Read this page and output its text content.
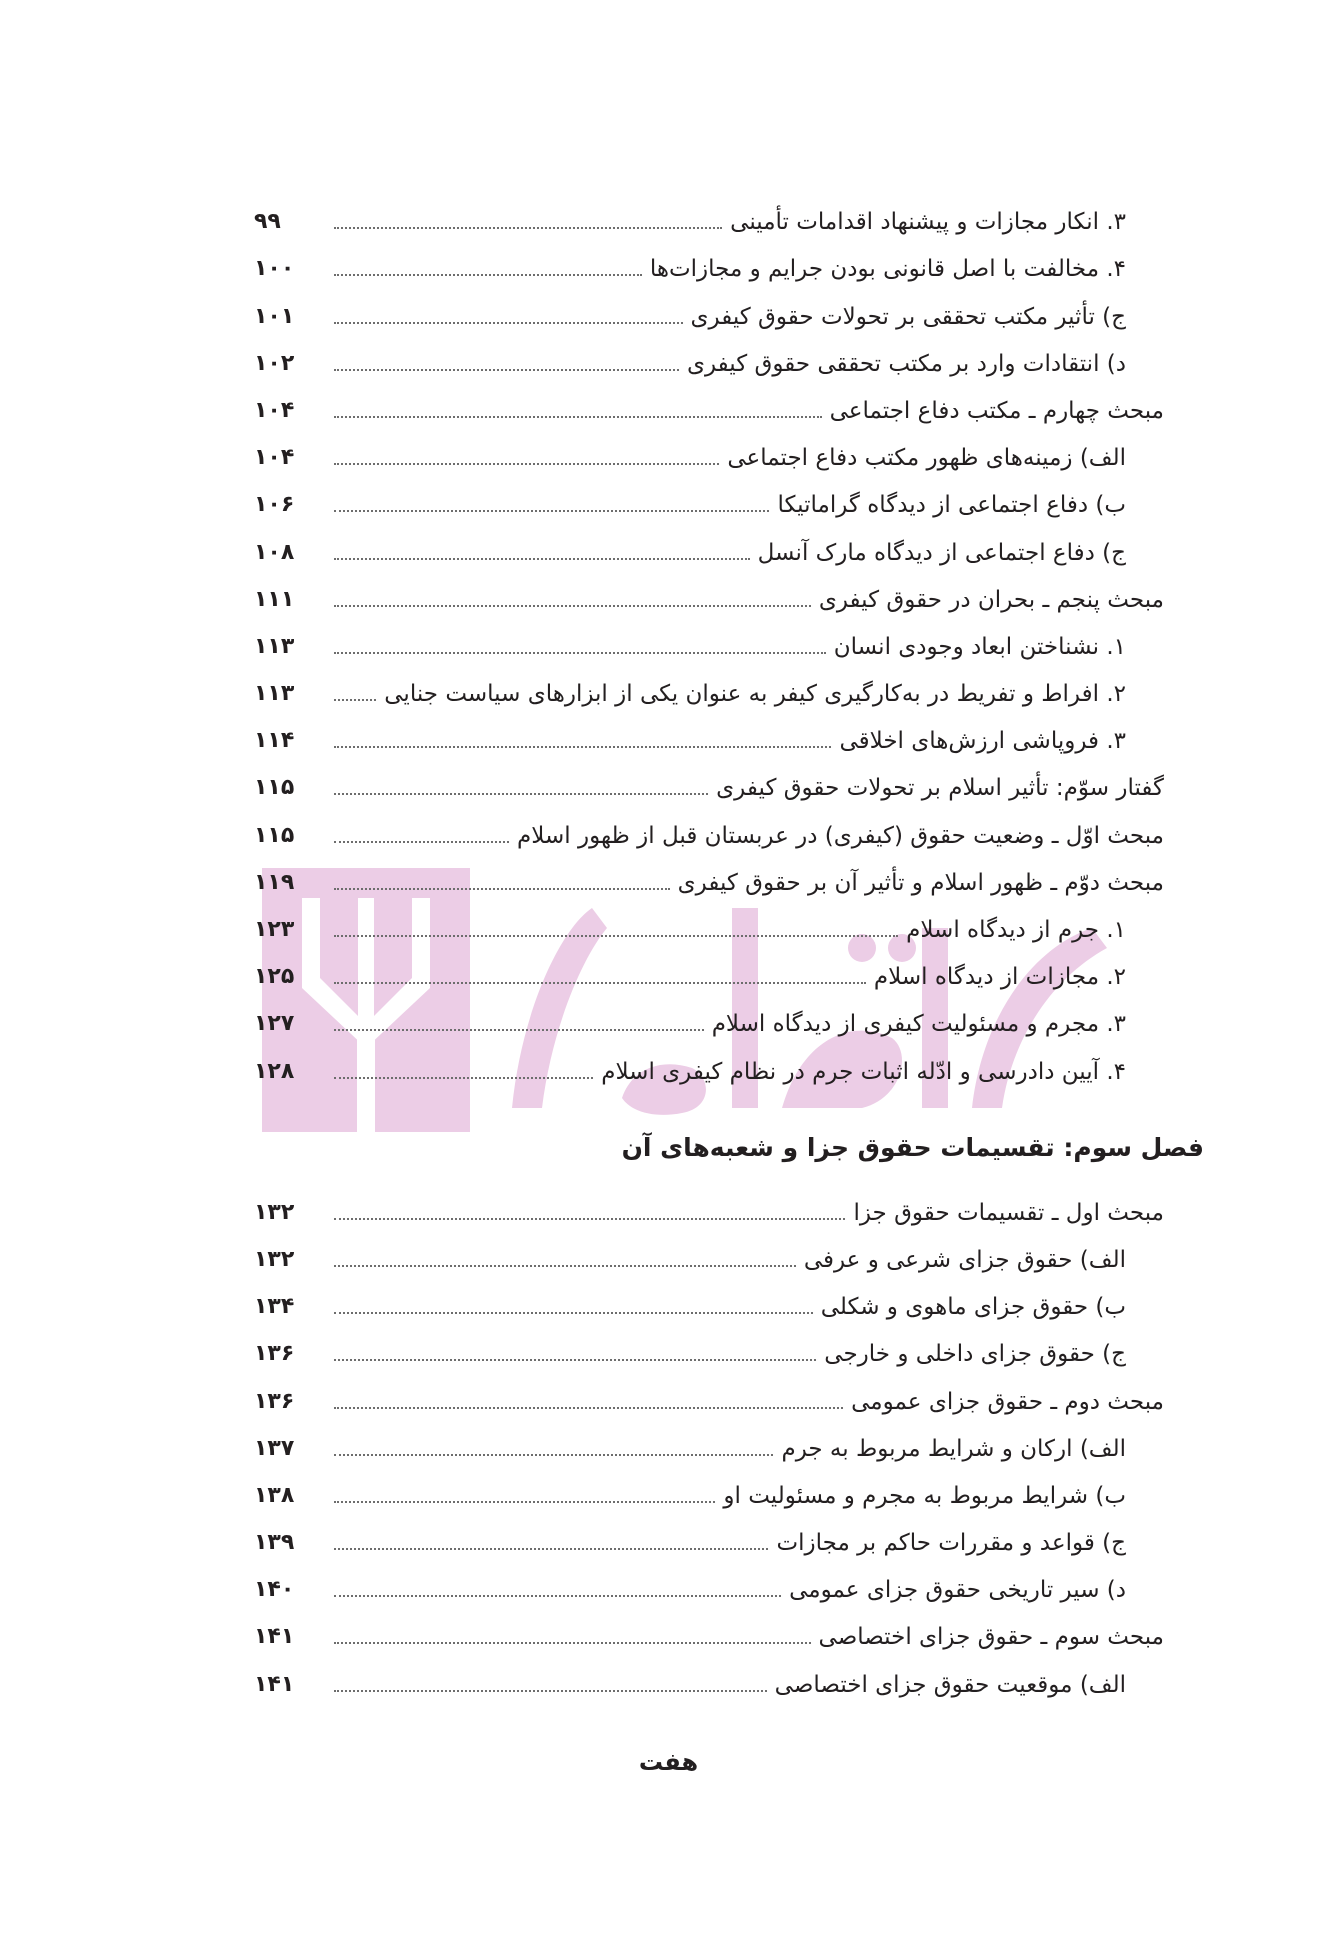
۳. انکار مجازات و پیشنهاد اقدامات تأمینی
۹۹
۴. مخالفت با اصل قانونی بودن جرایم و مجازات‌ها
۱۰۰
ج) تأثیر مکتب تحققی بر تحولات حقوق کیفری
۱۰۱
د) انتقادات وارد بر مکتب تحققی حقوق کیفری
۱۰۲
مبحث چهارم ـ مکتب دفاع اجتماعی
۱۰۴
الف) زمینه‌های ظهور مکتب دفاع اجتماعی
۱۰۴
ب) دفاع اجتماعی از دیدگاه گراماتیکا
۱۰۶
ج) دفاع اجتماعی از دیدگاه مارک آنسل
۱۰۸
مبحث پنجم ـ بحران در حقوق کیفری
۱۱۱
۱. نشناختن ابعاد وجودی انسان
۱۱۳
۲. افراط و تفریط در به‌کارگیری کیفر به عنوان یکی از ابزارهای سیاست جنایی
۱۱۳
۳. فروپاشی ارزش‌های اخلاقی
۱۱۴
گفتار سوّم: تأثیر اسلام بر تحولات حقوق کیفری
۱۱۵
مبحث اوّل ـ وضعیت حقوق (کیفری) در عربستان قبل از ظهور اسلام
۱۱۵
مبحث دوّم ـ ظهور اسلام و تأثیر آن بر حقوق کیفری
۱۱۹
۱. جرم از دیدگاه اسلام
۱۲۳
۲. مجازات از دیدگاه اسلام
۱۲۵
۳. مجرم و مسئولیت کیفری از دیدگاه اسلام
۱۲۷
۴. آیین دادرسی و ادّله اثبات جرم در نظام کیفری اسلام
۱۲۸
فصل سوم: تقسیمات حقوق جزا و شعبه‌های آن
مبحث اول ـ تقسیمات حقوق جزا
۱۳۲
الف) حقوق جزای شرعی و عرفی
۱۳۲
ب) حقوق جزای ماهوی و شکلی
۱۳۴
ج) حقوق جزای داخلی و خارجی
۱۳۶
مبحث دوم ـ حقوق جزای عمومی
۱۳۶
الف) ارکان و شرایط مربوط به جرم
۱۳۷
ب) شرایط مربوط به مجرم و مسئولیت او
۱۳۸
ج) قواعد و مقررات حاکم بر مجازات
۱۳۹
د) سیر تاریخی حقوق جزای عمومی
۱۴۰
مبحث سوم ـ حقوق جزای اختصاصی
۱۴۱
الف) موقعیت حقوق جزای اختصاصی
۱۴۱
هفت
